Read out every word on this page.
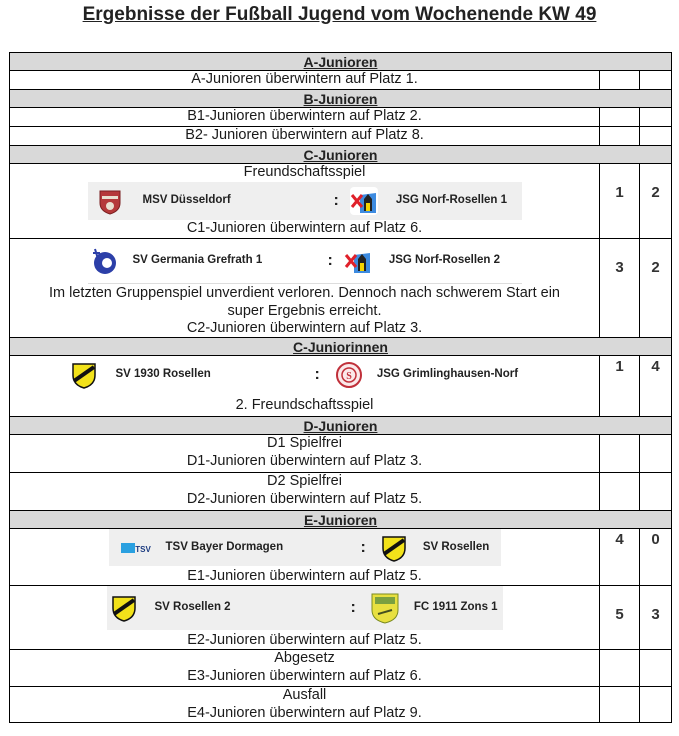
Ergebnisse der Fußball Jugend vom Wochenende KW 49
A-Junioren
A-Junioren überwintern auf Platz 1.
B-Junioren
B1-Junioren überwintern auf Platz 2.
B2- Junioren überwintern auf Platz 8.
C-Junioren
Freundschaftsspiel
MSV Düsseldorf	:	JSG Norf-Rosellen 1
C1-Junioren überwintern auf Platz 6.
1	2
SV Germania Grefrath 1	:	JSG Norf-Rosellen 2
Im letzten Gruppenspiel unverdient verloren. Dennoch nach schwerem Start ein
super Ergebnis erreicht.
C2-Junioren überwintern auf Platz 3.
3	2
C-Juniorinnen
SV 1930 Rosellen	:	S JSG Grimlinghausen-Norf
2. Freundschaftsspiel
1	4
D-Junioren
D1 Spielfrei
D1-Junioren überwintern auf Platz 3.
D2 Spielfrei
D2-Junioren überwintern auf Platz 5.
E-Junioren
TSV TSV Bayer Dormagen	:	SV Rosellen
E1-Junioren überwintern auf Platz 5.
4	0
SV Rosellen 2	:	FC 1911 Zons 1
E2-Junioren überwintern auf Platz 5.
5	3
Abgesetz
E3-Junioren überwintern auf Platz 6.
Ausfall
E4-Junioren überwintern auf Platz 9.
